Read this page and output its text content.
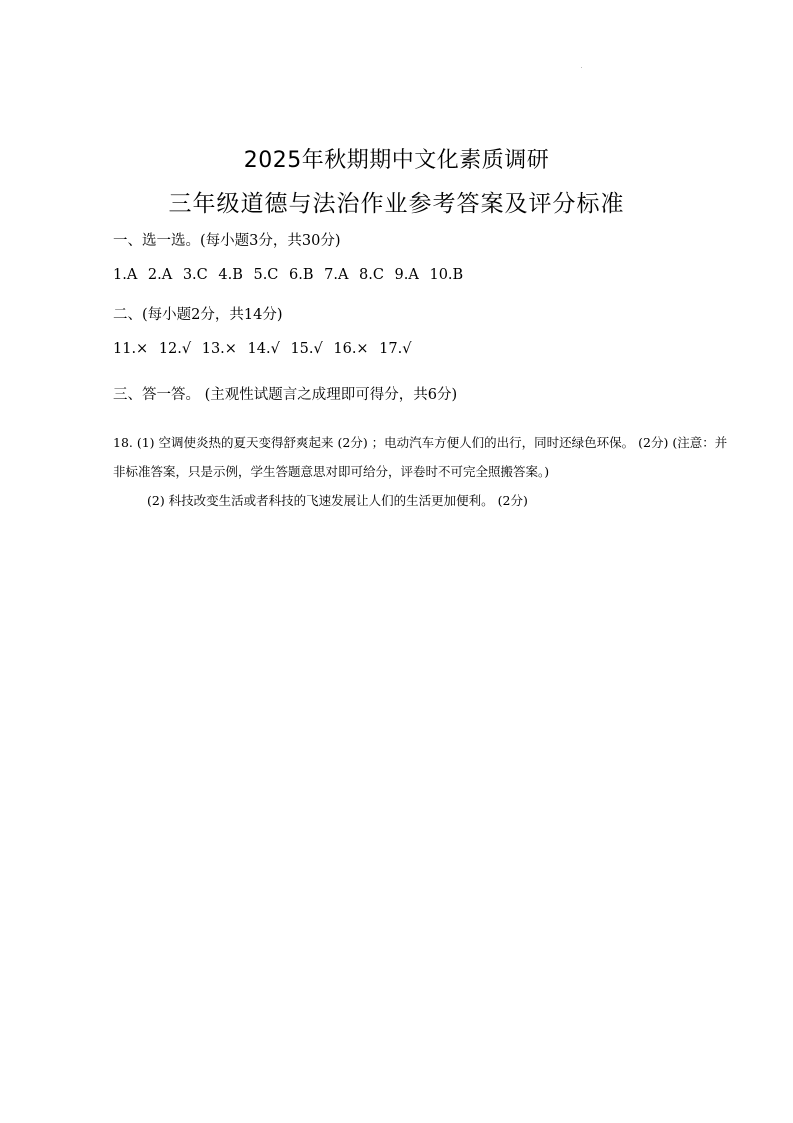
2025年秋期期中文化素质调研
三年级道德与法治作业参考答案及评分标准
一、选一选。(每小题3分，共30分)
1.A 2.A 3.C 4.B 5.C 6.B 7.A 8.C 9.A 10.B
二、(每小题2分，共14分)
11.× 12.√ 13.× 14.√ 15.√ 16.× 17.√
三、答一答。 (主观性试题言之成理即可得分，共6分)

18. (1) 空调使炎热的夏天变得舒爽起来 (2分) ；电动汽车方便人们的出行，同时还绿色环保。 (2分) (注意：并非标准答案，只是示例，学生答题意思对即可给分，评卷时不可完全照搬答案。)

(2) 科技改变生活或者科技的飞速发展让人们的生活更加便利。 (2分)
